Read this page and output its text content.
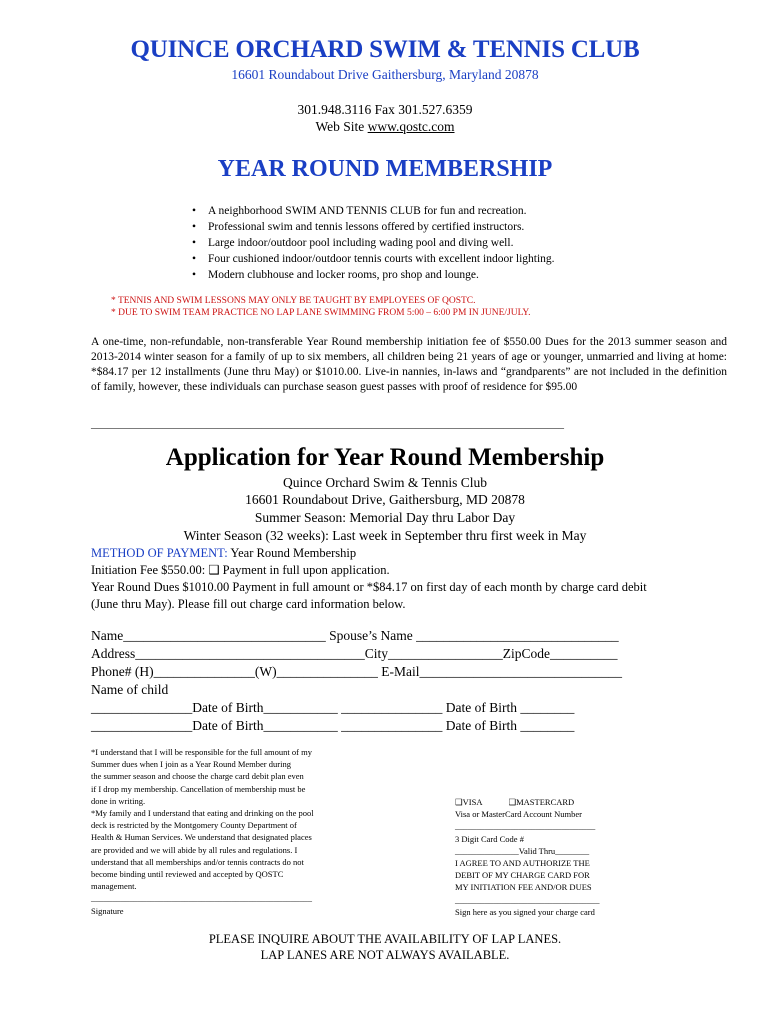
QUINCE ORCHARD SWIM & TENNIS CLUB
16601 Roundabout Drive Gaithersburg, Maryland 20878
301.948.3116 Fax 301.527.6359
Web Site www.qostc.com
YEAR ROUND MEMBERSHIP
• A neighborhood SWIM AND TENNIS CLUB for fun and recreation.
• Professional swim and tennis lessons offered by certified instructors.
• Large indoor/outdoor pool including wading pool and diving well.
• Four cushioned indoor/outdoor tennis courts with excellent indoor lighting.
• Modern clubhouse and locker rooms, pro shop and lounge.
* TENNIS AND SWIM LESSONS MAY ONLY BE TAUGHT BY EMPLOYEES OF QOSTC.
* DUE TO SWIM TEAM PRACTICE NO LAP LANE SWIMMING FROM 5:00 – 6:00 PM IN JUNE/JULY.
A one-time, non-refundable, non-transferable Year Round membership initiation fee of $550.00 Dues for the 2013 summer season and 2013-2014 winter season for a family of up to six members, all children being 21 years of age or younger, unmarried and living at home: *$84.17 per 12 installments (June thru May) or $1010.00. Live-in nannies, in-laws and “grandparents” are not included in the definition of family, however, these individuals can purchase season guest passes with proof of residence for $95.00
______________________________________________________________________________________
Application for Year Round Membership
Quince Orchard Swim & Tennis Club
16601 Roundabout Drive, Gaithersburg, MD 20878
Summer Season: Memorial Day thru Labor Day
Winter Season (32 weeks): Last week in September thru first week in May
METHOD OF PAYMENT: Year Round Membership
Initiation Fee $550.00: ❑ Payment in full upon application.
Year Round Dues $1010.00 Payment in full amount or *$84.17 on first day of each month by charge card debit
(June thru May). Please fill out charge card information below.
Name______________________________ Spouse’s Name ______________________________
Address__________________________________City_________________ZipCode__________
Phone# (H)_______________(W)_______________ E-Mail______________________________
Name of child
_______________Date of Birth___________ _______________ Date of Birth ________
_______________Date of Birth___________ _______________ Date of Birth ________
*I understand that I will be responsible for the full amount of my
Summer dues when I join as a Year Round Member during
the summer season and choose the charge card debit plan even
if I drop my membership. Cancellation of membership must be
done in writing.
*My family and I understand that eating and drinking on the pool
deck is restricted by the Montgomery County Department of
Health & Human Services. We understand that designated places
are provided and we will abide by all rules and regulations. I
understand that all memberships and/or tennis contracts do not
become binding until reviewed and accepted by QOSTC
management.
____________________________________________________
Signature
❑VISA	❑MASTERCARD
Visa or MasterCard Account Number
_________________________________
3 Digit Card Code #
_______________Valid Thru________
I AGREE TO AND AUTHORIZE THE
DEBIT OF MY CHARGE CARD FOR
MY INITIATION FEE AND/OR DUES
__________________________________
Sign here as you signed your charge card
PLEASE INQUIRE ABOUT THE AVAILABILITY OF LAP LANES.
LAP LANES ARE NOT ALWAYS AVAILABLE.
